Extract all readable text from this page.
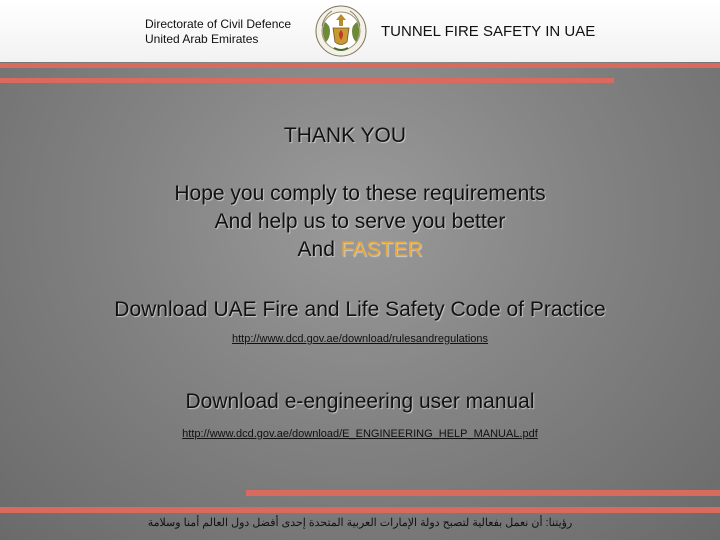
Directorate of Civil Defence
United Arab Emirates	TUNNEL FIRE SAFETY IN UAE
THANK YOU
Hope you comply to these requirements
And help us to serve you better
And FASTER
Download UAE Fire and Life Safety Code of Practice
http://www.dcd.gov.ae/download/rulesandregulations
Download e-engineering user manual
http://www.dcd.gov.ae/download/E_ENGINEERING_HELP_MANUAL.pdf
رؤيتنا: أن نعمل بفعالية لتصبح دولة الإمارات العربية المتحدة إحدى أفضل دول العالم أمنا وسلامة
